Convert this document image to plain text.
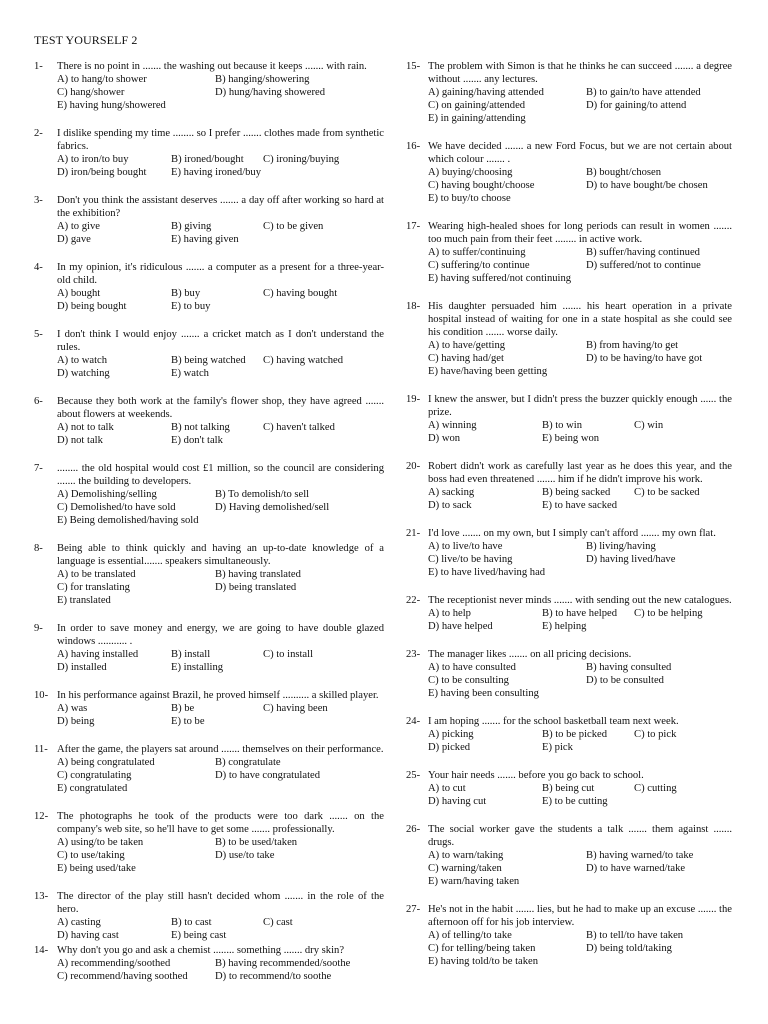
TEST YOURSELF 2
1-	There is no point in ....... the washing out because it keeps ....... with rain.
A) to hang/to shower	B) hanging/showering
C) hang/shower	D) hung/having showered
E) having hung/showered
2-	I dislike spending my time ........ so I prefer ....... clothes made from synthetic fabrics.
A) to iron/to buy	B) ironed/bought	C) ironing/buying
D) iron/being bought	E) having ironed/buy
3-	Don't you think the assistant deserves ....... a day off after working so hard at the exhibition?
A) to give	B) giving	C) to be given
D) gave	E) having given
4-	In my opinion, it's ridiculous ....... a computer as a present for a three-year-old child.
A) bought	B) buy	C) having bought
D) being bought	E) to buy
5-	I don't think I would enjoy ....... a cricket match as I don't understand the rules.
A) to watch	B) being watched	C) having watched
D) watching	E) watch
6-	Because they both work at the family's flower shop, they have agreed ....... about flowers at weekends.
A) not to talk	B) not talking	C) haven't talked
D) not talk	E) don't talk
7-	........ the old hospital would cost £1 million, so the council are considering ....... the building to developers.
A) Demolishing/selling	B) To demolish/to sell
C) Demolished/to have sold	D) Having demolished/sell
E) Being demolished/having sold
8-	Being able to think quickly and having an up-to-date knowledge of a language is essential....... speakers simultaneously.
A) to be translated	B) having translated
C) for translating	D) being translated
E) translated
9-	In order to save money and energy, we are going to have double glazed windows ........... .
A) having installed	B) install	C) to install
D) installed	E) installing
10- In his performance against Brazil, he proved himself .......... a skilled player.
A) was	B) be	C) having been
D) being	E) to be
11- After the game, the players sat around ....... themselves on their performance.
A) being congratulated	B) congratulate
C) congratulating	D) to have congratulated
E) congratulated
12- The photographs he took of the products were too dark ....... on the company's web site, so he'll have to get some ....... professionally.
A) using/to be taken	B) to be used/taken
C) to use/taking	D) use/to take
E) being used/take
13- The director of the play still hasn't decided whom ....... in the role of the hero.
A) casting	B) to cast	C) cast
D) having cast	E) being cast
14- Why don't you go and ask a chemist ........ something ....... dry skin?
A) recommending/soothed	B) having recommended/soothe
C) recommend/having soothed	D) to recommend/to soothe
15- The problem with Simon is that he thinks he can succeed ....... a degree without ....... any lectures.
A) gaining/having attended	B) to gain/to have attended
C) on gaining/attended	D) for gaining/to attend
E) in gaining/attending
16- We have decided ....... a new Ford Focus, but we are not certain about which colour ....... .
A) buying/choosing	B) bought/chosen
C) having bought/choose	D) to have bought/be chosen
E) to buy/to choose
17- Wearing high-healed shoes for long periods can result in women ....... too much pain from their feet ........ in active work.
A) to suffer/continuing	B) suffer/having continued
C) suffering/to continue	D) suffered/not to continue
E) having suffered/not continuing
18- His daughter persuaded him ....... his heart operation in a private hospital instead of waiting for one in a state hospital as she could see his condition ....... worse daily.
A) to have/getting	B) from having/to get
C) having had/get	D) to be having/to have got
E) have/having been getting
19- I knew the answer, but I didn't press the buzzer quickly enough ...... the prize.
A) winning	B) to win	C) win
D) won	E) being won
20- Robert didn't work as carefully last year as he does this year, and the boss had even threatened ....... him if he didn't improve his work.
A) sacking	B) being sacked	C) to be sacked
D) to sack	E) to have sacked
21- I'd love ....... on my own, but I simply can't afford ....... my own flat.
A) to live/to have	B) living/having
C) live/to be having	D) having lived/have
E) to have lived/having had
22- The receptionist never minds ....... with sending out the new catalogues.
A) to help	B) to have helped	C) to be helping
D) have helped	E) helping
23- The manager likes ....... on all pricing decisions.
A) to have consulted	B) having consulted
C) to be consulting	D) to be consulted
E) having been consulting
24- I am hoping ....... for the school basketball team next week.
A) picking	B) to be picked	C) to pick
D) picked	E) pick
25- Your hair needs ....... before you go back to school.
A) to cut	B) being cut	C) cutting
D) having cut	E) to be cutting
26- The social worker gave the students a talk ....... them against ....... drugs.
A) to warn/taking	B) having warned/to take
C) warning/taken	D) to have warned/take
E) warn/having taken
27- He's not in the habit ....... lies, but he had to make up an excuse ....... the afternoon off for his job interview.
A) of telling/to take	B) to tell/to have taken
C) for telling/being taken	D) being told/taking
E) having told/to be taken
